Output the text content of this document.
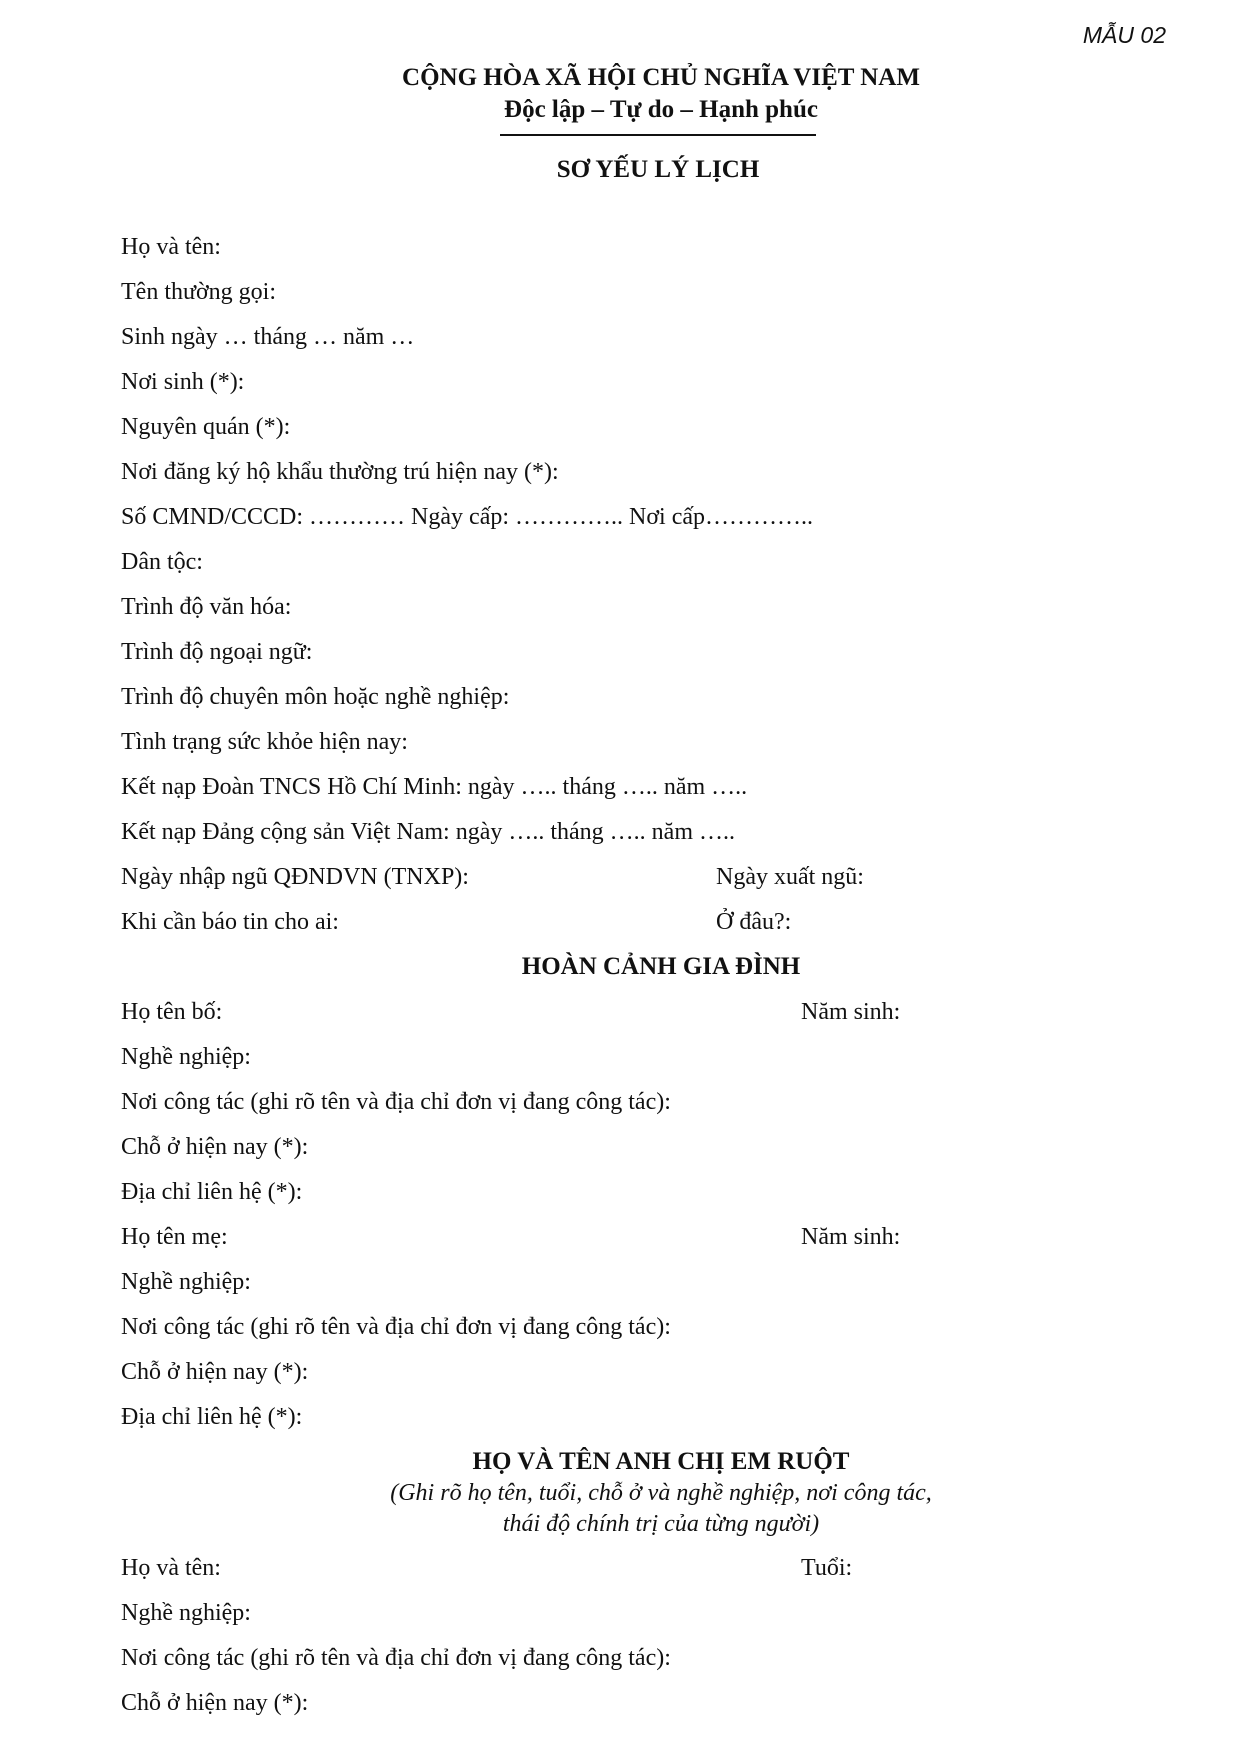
MẪU 02
CỘNG HÒA XÃ HỘI CHỦ NGHĨA VIỆT NAM
Độc lập – Tự do – Hạnh phúc
SƠ YẾU LÝ LỊCH
Họ và tên:
Tên thường gọi:
Sinh ngày … tháng … năm …
Nơi sinh (*):
Nguyên quán (*):
Nơi đăng ký hộ khẩu thường trú hiện nay (*):
Số CMND/CCCD: ………… Ngày cấp: ………….. Nơi cấp…………..
Dân tộc:
Trình độ văn hóa:
Trình độ ngoại ngữ:
Trình độ chuyên môn hoặc nghề nghiệp:
Tình trạng sức khỏe hiện nay:
Kết nạp Đoàn TNCS Hồ Chí Minh: ngày ….. tháng ….. năm …..
Kết nạp Đảng cộng sản Việt Nam: ngày ….. tháng ….. năm …..
Ngày nhập ngũ QĐNDVN (TNXP):	Ngày xuất ngũ:
Khi cần báo tin cho ai:	Ở đâu?:
HOÀN CẢNH GIA ĐÌNH
Họ tên bố:	Năm sinh:
Nghề nghiệp:
Nơi công tác (ghi rõ tên và địa chỉ đơn vị đang công tác):
Chỗ ở hiện nay (*):
Địa chỉ liên hệ (*):
Họ tên mẹ:	Năm sinh:
Nghề nghiệp:
Nơi công tác (ghi rõ tên và địa chỉ đơn vị đang công tác):
Chỗ ở hiện nay (*):
Địa chỉ liên hệ (*):
HỌ VÀ TÊN ANH CHỊ EM RUỘT
(Ghi rõ họ tên, tuổi, chỗ ở và nghề nghiệp, nơi công tác,
thái độ chính trị của từng người)
Họ và tên:	Tuổi:
Nghề nghiệp:
Nơi công tác (ghi rõ tên và địa chỉ đơn vị đang công tác):
Chỗ ở hiện nay (*):
